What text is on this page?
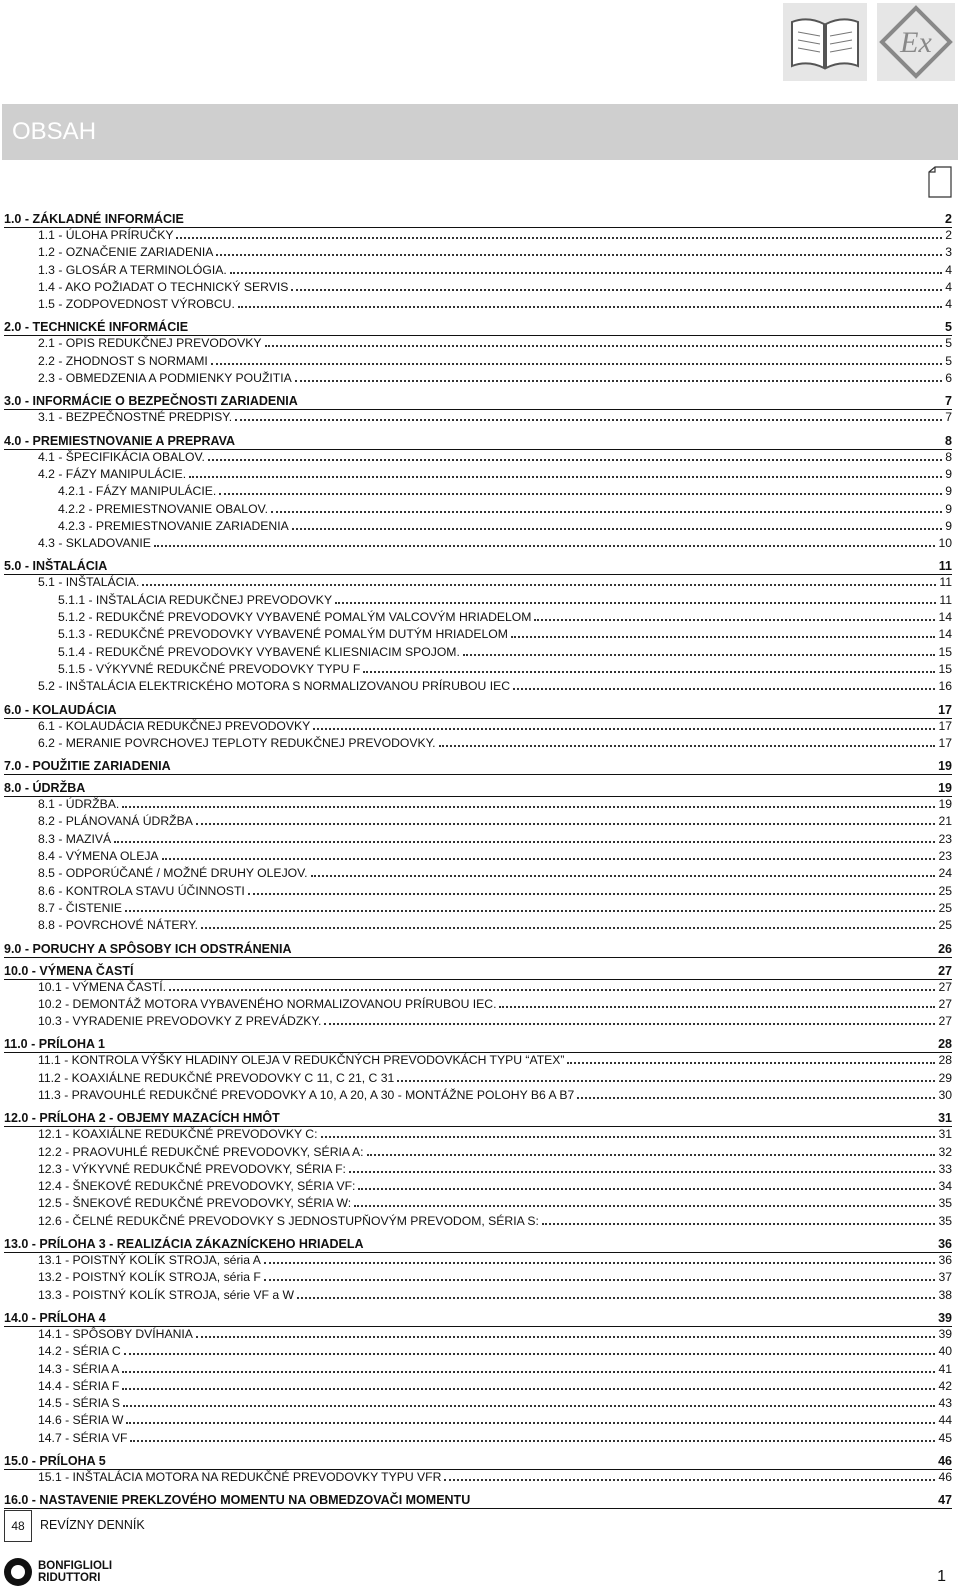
Ex
OBSAH
1.0 - ZÁKLADNÉ INFORMÁCIE	2
1.1 - ÚLOHA PRÍRUČKY	2
1.2 - OZNAČENIE ZARIADENIA	3
1.3 - GLOSÁR A TERMINOLÓGIA.	4
1.4 - AKO POŽIADAT O TECHNICKÝ SERVIS	4
1.5 - ZODPOVEDNOST VÝROBCU.	4
2.0 - TECHNICKÉ INFORMÁCIE	5
2.1 - OPIS REDUKČNEJ PREVODOVKY	5
2.2 - ZHODNOST S NORMAMI	5
2.3 - OBMEDZENIA A PODMIENKY POUŽITIA	6
3.0 - INFORMÁCIE O BEZPEČNOSTI ZARIADENIA	7
3.1 - BEZPEČNOSTNÉ PREDPISY.	7
4.0 - PREMIESTNOVANIE A PREPRAVA	8
4.1 - ŠPECIFIKÁCIA OBALOV.	8
4.2 - FÁZY MANIPULÁCIE.	9
4.2.1 - FÁZY MANIPULÁCIE.	9
4.2.2 - PREMIESTNOVANIE OBALOV.	9
4.2.3 - PREMIESTNOVANIE ZARIADENIA	9
4.3 - SKLADOVANIE	10
5.0 - INŠTALÁCIA	11
5.1 - INŠTALÁCIA.	11
5.1.1 - INŠTALÁCIA REDUKČNEJ PREVODOVKY	11
5.1.2 - REDUKČNÉ PREVODOVKY VYBAVENÉ POMALÝM VALCOVÝM HRIADELOM	14
5.1.3 - REDUKČNÉ PREVODOVKY VYBAVENÉ POMALÝM DUTÝM HRIADELOM	14
5.1.4 - REDUKČNÉ PREVODOVKY VYBAVENÉ KLIESNIACIM SPOJOM.	15
5.1.5 - VÝKYVNÉ REDUKČNÉ PREVODOVKY TYPU F	15
5.2 - INŠTALÁCIA ELEKTRICKÉHO MOTORA S NORMALIZOVANOU PRÍRUBOU IEC	16
6.0 - KOLAUDÁCIA	17
6.1 - KOLAUDÁCIA REDUKČNEJ PREVODOVKY	17
6.2 - MERANIE POVRCHOVEJ TEPLOTY REDUKČNEJ PREVODOVKY.	17
7.0 - POUŽITIE ZARIADENIA	19
8.0 - ÚDRŽBA	19
8.1 - ÚDRŽBA.	19
8.2 - PLÁNOVANÁ ÚDRŽBA	21
8.3 - MAZIVÁ	23
8.4 - VÝMENA OLEJA	23
8.5 - ODPORÚČANÉ / MOŽNÉ DRUHY OLEJOV.	24
8.6 - KONTROLA STAVU ÚČINNOSTI	25
8.7 - ČISTENIE	25
8.8 - POVRCHOVÉ NÁTERY.	25
9.0 - PORUCHY A SPÔSOBY ICH ODSTRÁNENIA	26
10.0 - VÝMENA ČASTÍ	27
10.1 - VÝMENA ČASTÍ.	27
10.2 - DEMONTÁŽ MOTORA VYBAVENÉHO NORMALIZOVANOU PRÍRUBOU IEC.	27
10.3 - VYRADENIE PREVODOVKY Z PREVÁDZKY.	27
11.0 - PRÍLOHA 1	28
11.1 - KONTROLA VÝŠKY HLADINY OLEJA V REDUKČNÝCH PREVODOVKÁCH TYPU “ATEX”	28
11.2 - KOAXIÁLNE REDUKČNÉ PREVODOVKY C 11, C 21, C 31	29
11.3 - PRAVOUHLÉ REDUKČNÉ PREVODOVKY A 10, A 20, A 30 - MONTÁŽNE POLOHY B6 A B7	30
12.0 - PRÍLOHA 2 - OBJEMY MAZACÍCH HMÔT	31
12.1 - KOAXIÁLNE REDUKČNÉ PREVODOVKY C:	31
12.2 - PRAOVUHLÉ REDUKČNÉ PREVODOVKY, SÉRIA A:	32
12.3 - VÝKYVNÉ REDUKČNÉ PREVODOVKY, SÉRIA F:	33
12.4 - ŠNEKOVÉ REDUKČNÉ PREVODOVKY, SÉRIA VF:	34
12.5 - ŠNEKOVÉ REDUKČNÉ PREVODOVKY, SÉRIA W:	35
12.6 - ČELNÉ REDUKČNÉ PREVODOVKY S JEDNOSTUPŇOVÝM PREVODOM, SÉRIA S:	35
13.0 - PRÍLOHA 3 - REALIZÁCIA ZÁKAZNÍCKEHO HRIADELA	36
13.1 - POISTNÝ KOLÍK STROJA, séria A	36
13.2 - POISTNÝ KOLÍK STROJA, séria F	37
13.3 - POISTNÝ KOLÍK STROJA, série VF a W	38
14.0 - PRÍLOHA 4	39
14.1 - SPÔSOBY DVÍHANIA	39
14.2 - SÉRIA C	40
14.3 - SÉRIA A	41
14.4 - SÉRIA F	42
14.5 - SÉRIA S	43
14.6 - SÉRIA W	44
14.7 - SÉRIA VF	45
15.0 - PRÍLOHA 5	46
15.1 - INŠTALÁCIA MOTORA NA REDUKČNÉ PREVODOVKY TYPU VFR	46
16.0 - NASTAVENIE PREKLZOVÉHO MOMENTU NA OBMEDZOVAČI MOMENTU	47
48	REVÍZNY DENNÍK
BONFIGLIOLI
RIDUTTORI	1
